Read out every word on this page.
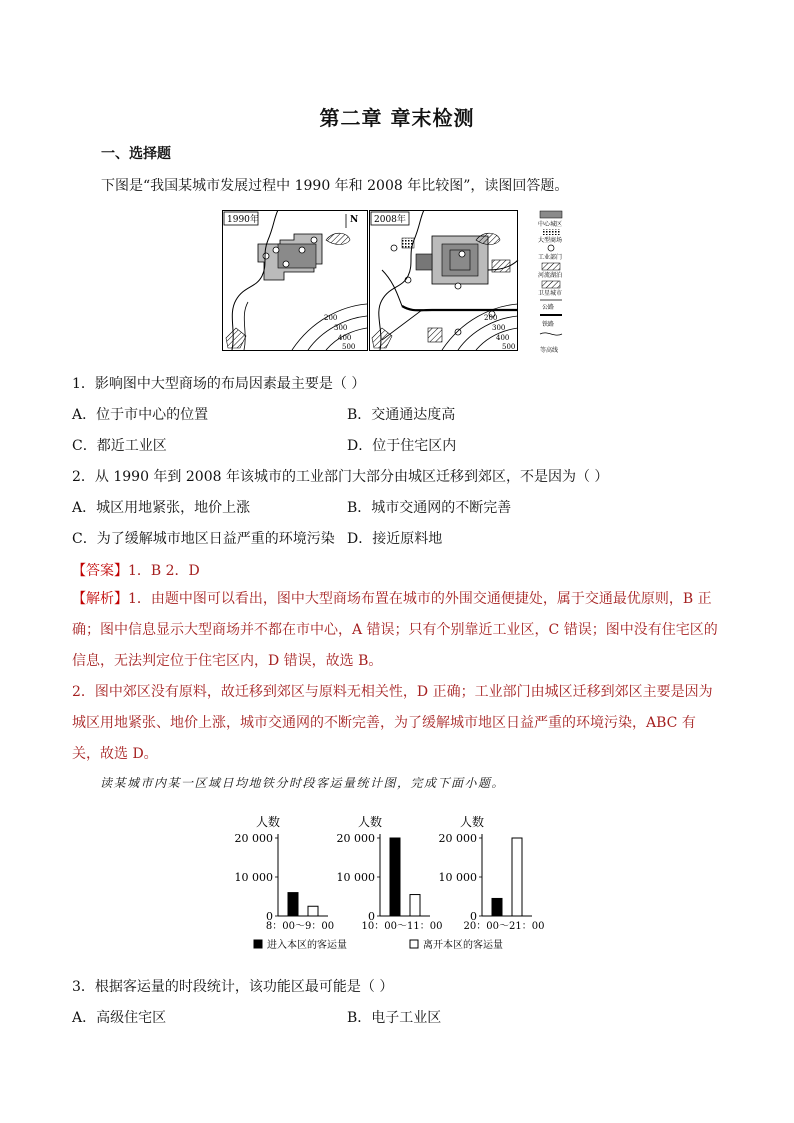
第二章 章末检测
一、选择题
下图是“我国某城市发展过程中 1990 年和 2008 年比较图”，读图回答题。
1990年
200
300
400
500
N 2008年
200
300
400
500
中心城区
大型商场
工业部门
河流湖泊
卫星城市
公路
铁路
等高线
1．影响图中大型商场的布局因素最主要是（ ）
A．位于市中心的位置	B．交通通达度高
C．都近工业区	D．位于住宅区内
2．从 1990 年到 2008 年该城市的工业部门大部分由城区迁移到郊区，不是因为（ ）
A．城区用地紧张，地价上涨	B．城市交通网的不断完善
C．为了缓解城市地区日益严重的环境污染 D．接近原料地
【答案】1．B 2．D
【解析】1．由题中图可以看出，图中大型商场布置在城市的外围交通便捷处，属于交通最优原则，B 正确；图中信息显示大型商场并不都在市中心，A 错误；只有个别靠近工业区，C 错误；图中没有住宅区的信息，无法判定位于住宅区内，D 错误，故选 B。
2．图中郊区没有原料，故迁移到郊区与原料无相关性，D 正确；工业部门由城区迁移到郊区主要是因为城区用地紧张、地价上涨，城市交通网的不断完善，为了缓解城市地区日益严重的环境污染，ABC 有关，故选 D。
读某城市内某一区域日均地铁分时段客运量统计图，完成下面小题。
人数
20 000
10 000
0
8：00～9：00
人数
20 000
10 000
0
10：00～11：00
人数
20 000
10 000
0
20：00～21：00
进入本区的客运量	离开本区的客运量
3．根据客运量的时段统计，该功能区最可能是（ ）
A．高级住宅区	B．电子工业区
